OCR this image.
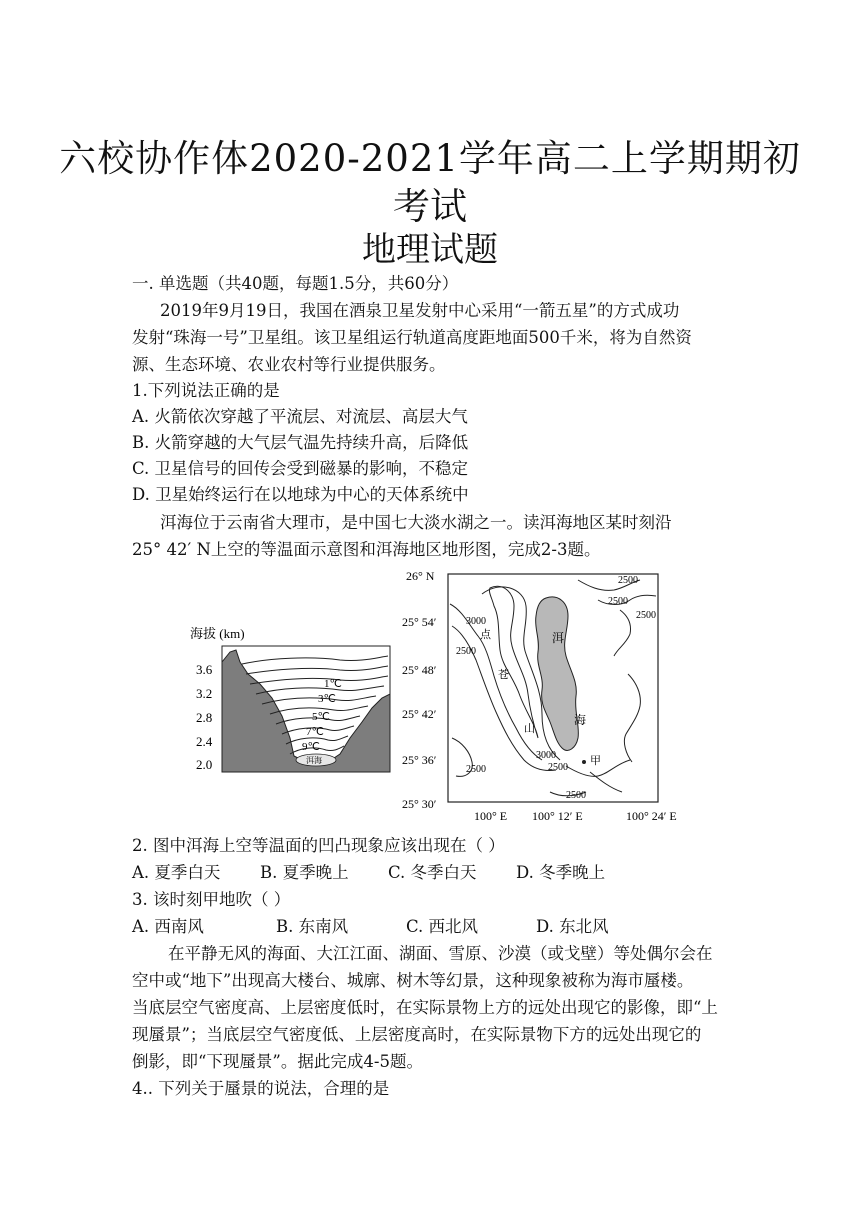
六校协作体2020-2021学年高二上学期期初
考试
地理试题
一. 单选题（共40题，每题1.5分，共60分）
2019年9月19日，我国在酒泉卫星发射中心采用“一箭五星”的方式成功
发射“珠海一号”卫星组。该卫星组运行轨道高度距地面500千米，将为自然资
源、生态环境、农业农村等行业提供服务。
1.下列说法正确的是
A. 火箭依次穿越了平流层、对流层、高层大气
B. 火箭穿越的大气层气温先持续升高，后降低
C. 卫星信号的回传会受到磁暴的影响，不稳定
D. 卫星始终运行在以地球为中心的天体系统中
洱海位于云南省大理市，是中国七大淡水湖之一。读洱海地区某时刻沿
25° 42′ N上空的等温面示意图和洱海地区地形图，完成2-3题。
海拔 (km)
3.6
3.2
2.8
2.4
2.0
1℃
3℃
5℃
7℃
9℃
洱海
26° N
25° 54′
25° 48′
25° 42′
25° 36′
25° 30′
100° E 100° 12′ E	100° 24′ E
2500
2500
2500
3000
2500
3000
2500
2500
2500
点
苍
山
洱
海
甲
2. 图中洱海上空等温面的凹凸现象应该出现在（ ）
A. 夏季白天 B. 夏季晚上 C. 冬季白天 D. 冬季晚上
3. 该时刻甲地吹（ ）
A. 西南风	B. 东南风	C. 西北风	D. 东北风
在平静无风的海面、大江江面、湖面、雪原、沙漠（或戈壁）等处偶尔会在
空中或“地下”出现高大楼台、城廓、树木等幻景，这种现象被称为海市蜃楼。
当底层空气密度高、上层密度低时，在实际景物上方的远处出现它的影像，即“上
现蜃景”；当底层空气密度低、上层密度高时，在实际景物下方的远处出现它的
倒影，即“下现蜃景”。据此完成4-5题。
4.. 下列关于蜃景的说法，合理的是
